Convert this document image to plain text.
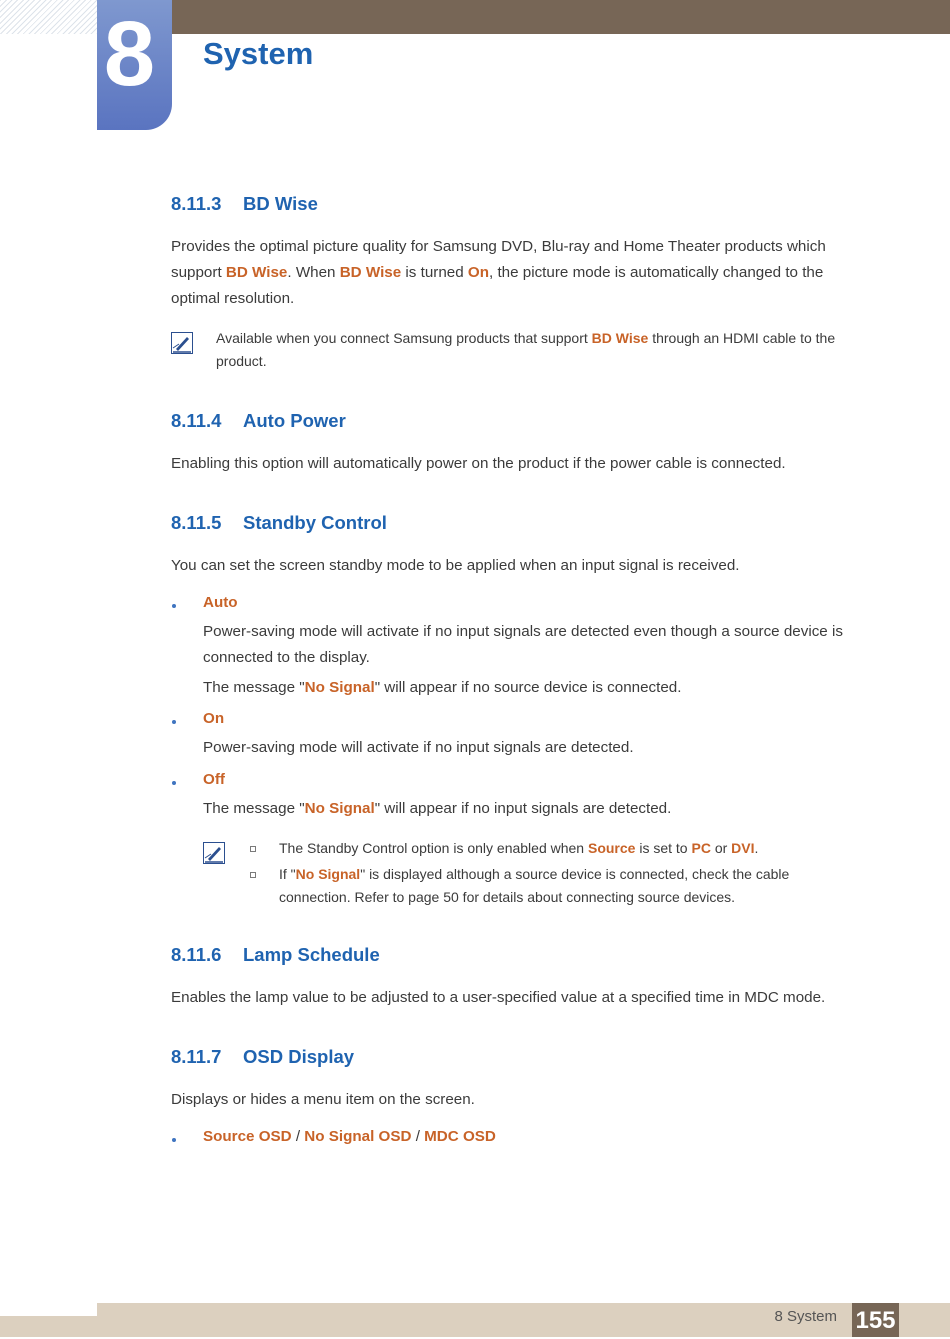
8 System
8.11.3 BD Wise
Provides the optimal picture quality for Samsung DVD, Blu-ray and Home Theater products which
support BD Wise. When BD Wise is turned On, the picture mode is automatically changed to the
optimal resolution.
Available when you connect Samsung products that support BD Wise through an HDMI cable to the
product.
8.11.4 Auto Power
Enabling this option will automatically power on the product if the power cable is connected.
8.11.5 Standby Control
You can set the screen standby mode to be applied when an input signal is received.
Auto
Power-saving mode will activate if no input signals are detected even though a source device is
connected to the display.
The message "No Signal" will appear if no source device is connected.
On
Power-saving mode will activate if no input signals are detected.
Off
The message "No Signal" will appear if no input signals are detected.
The Standby Control option is only enabled when Source is set to PC or DVI.
If "No Signal" is displayed although a source device is connected, check the cable
connection. Refer to page 50 for details about connecting source devices.
8.11.6 Lamp Schedule
Enables the lamp value to be adjusted to a user-specified value at a specified time in MDC mode.
8.11.7 OSD Display
Displays or hides a menu item on the screen.
Source OSD / No Signal OSD / MDC OSD
8 System 155
